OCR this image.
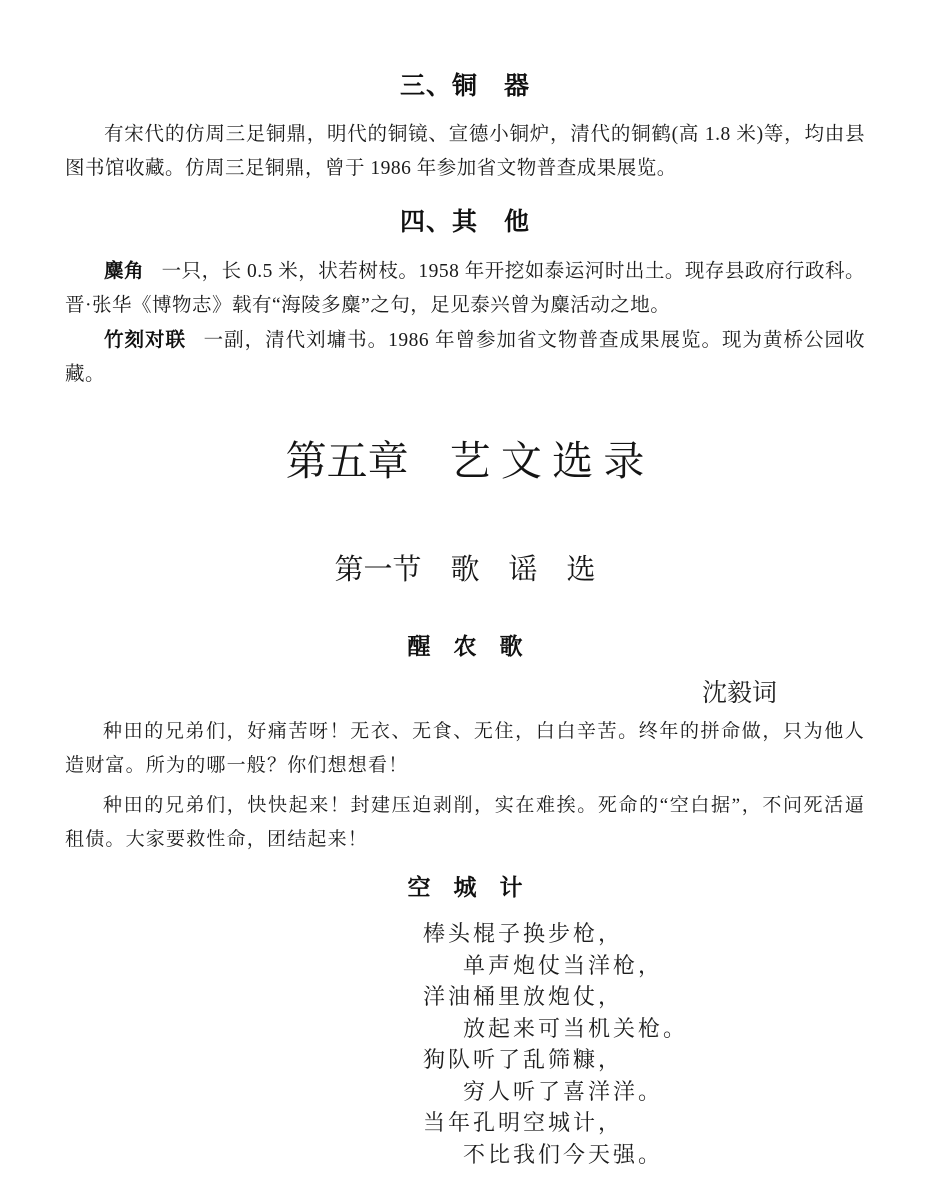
三、铜　器
有宋代的仿周三足铜鼎，明代的铜镜、宣德小铜炉，清代的铜鹤(高 1.8 米)等，均由县图书馆收藏。仿周三足铜鼎，曾于 1986 年参加省文物普查成果展览。
四、其　他
麋角 一只，长 0.5 米，状若树枝。1958 年开挖如泰运河时出土。现存县政府行政科。晋·张华《博物志》载有“海陵多麋”之句，足见泰兴曾为麋活动之地。
竹刻对联 一副，清代刘墉书。1986 年曾参加省文物普查成果展览。现为黄桥公园收藏。
第五章　艺 文 选 录
第一节　歌　谣　选
醒　农　歌
沈毅词
种田的兄弟们，好痛苦呀！无衣、无食、无住，白白辛苦。终年的拼命做，只为他人造财富。所为的哪一般？你们想想看！
种田的兄弟们，快快起来！封建压迫剥削，实在难挨。死命的“空白据”，不问死活逼租债。大家要救性命，团结起来！
空　城　计
棒头棍子换步枪，
单声炮仗当洋枪，
洋油桶里放炮仗，
放起来可当机关枪。
狗队听了乱筛糠，
穷人听了喜洋洋。
当年孔明空城计，
不比我们今天强。
